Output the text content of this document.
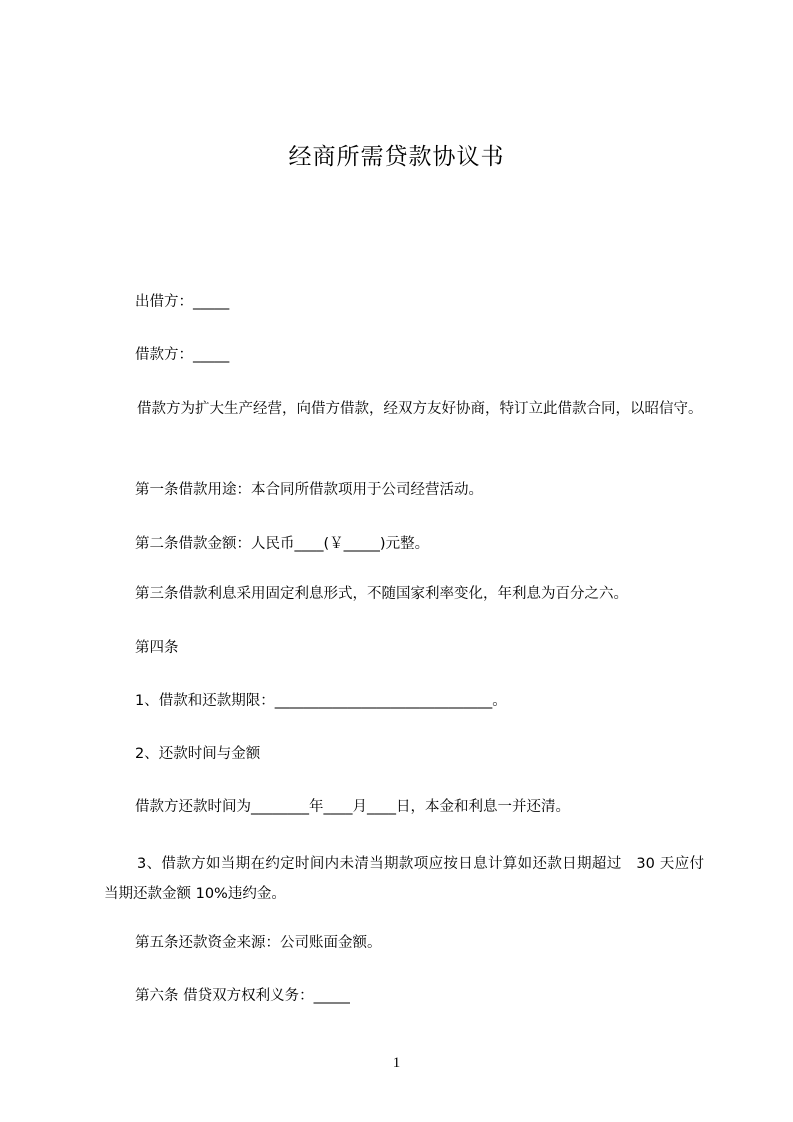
经商所需贷款协议书
出借方：_____
借款方：_____
借款方为扩大生产经营，向借方借款，经双方友好协商，特订立此借款合同，以昭信守。
第一条借款用途：本合同所借款项用于公司经营活动。
第二条借款金额：人民币____(￥_____)元整。
第三条借款利息采用固定利息形式，不随国家利率变化，年利息为百分之六。
第四条
1、借款和还款期限：______________________________。
2、还款时间与金额
借款方还款时间为________年____月____日，本金和利息一并还清。
3、借款方如当期在约定时间内未清当期款项应按日息计算如还款日期超过　30 天应付当期还款金额 10%违约金。
第五条还款资金来源：公司账面金额。
第六条 借贷双方权利义务：_____
1
